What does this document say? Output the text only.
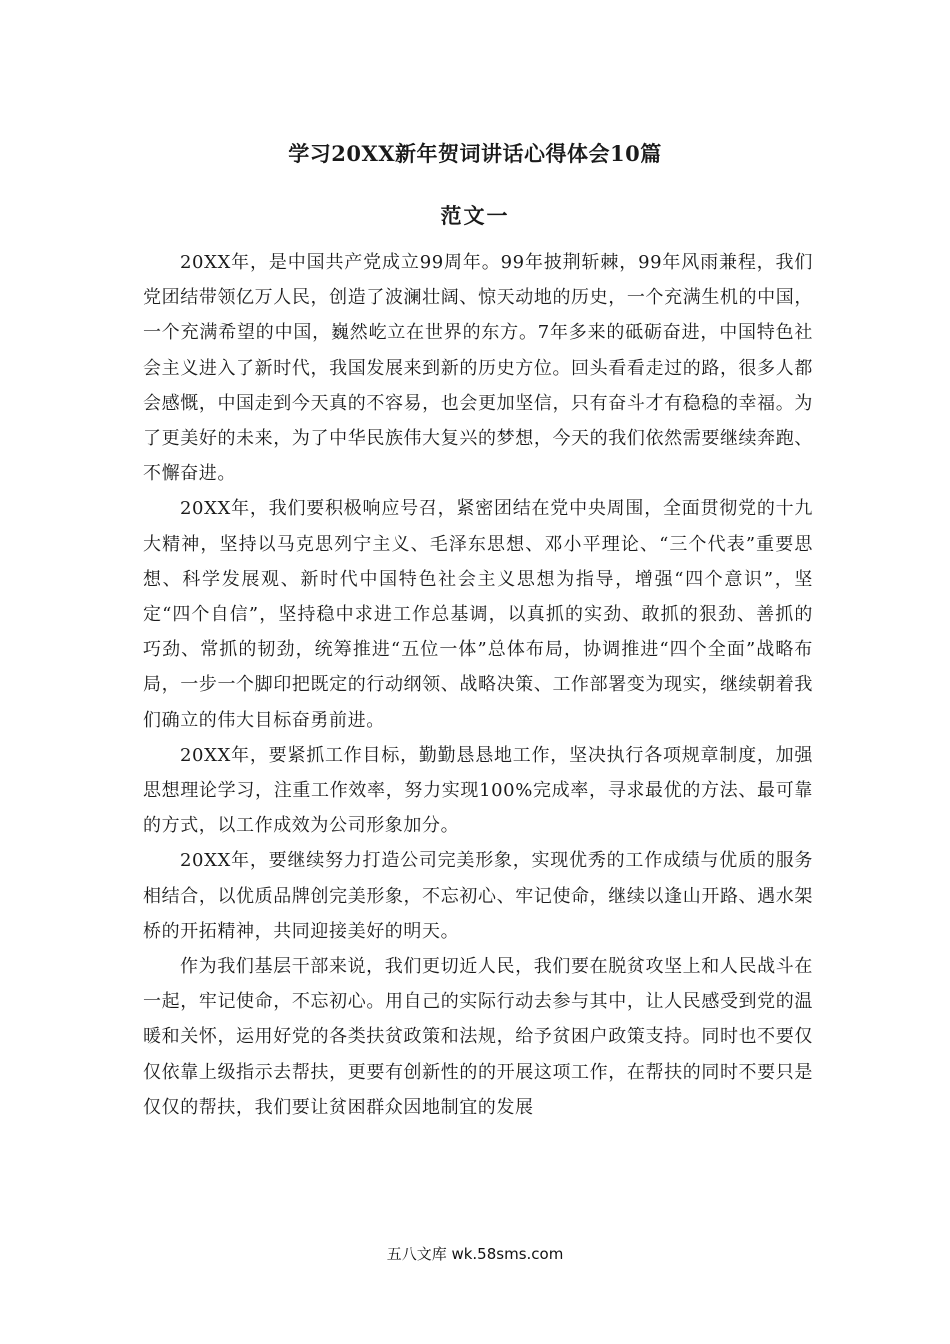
学习20XX新年贺词讲话心得体会10篇
范文一

20XX年，是中国共产党成立99周年。99年披荆斩棘，99年风雨兼程，我们党团结带领亿万人民，创造了波澜壮阔、惊天动地的历史，一个充满生机的中国，一个充满希望的中国，巍然屹立在世界的东方。7年多来的砥砺奋进，中国特色社会主义进入了新时代，我国发展来到新的历史方位。回头看看走过的路，很多人都会感慨，中国走到今天真的不容易，也会更加坚信，只有奋斗才有稳稳的幸福。为了更美好的未来，为了中华民族伟大复兴的梦想，今天的我们依然需要继续奔跑、不懈奋进。

20XX年，我们要积极响应号召，紧密团结在党中央周围，全面贯彻党的十九大精神，坚持以马克思列宁主义、毛泽东思想、邓小平理论、“三个代表”重要思想、科学发展观、新时代中国特色社会主义思想为指导，增强“四个意识”，坚定“四个自信”，坚持稳中求进工作总基调，以真抓的实劲、敢抓的狠劲、善抓的巧劲、常抓的韧劲，统筹推进“五位一体”总体布局，协调推进“四个全面”战略布局，一步一个脚印把既定的行动纲领、战略决策、工作部署变为现实，继续朝着我们确立的伟大目标奋勇前进。

20XX年，要紧抓工作目标，勤勤恳恳地工作，坚决执行各项规章制度，加强思想理论学习，注重工作效率，努力实现100%完成率，寻求最优的方法、最可靠的方式，以工作成效为公司形象加分。

20XX年，要继续努力打造公司完美形象，实现优秀的工作成绩与优质的服务相结合，以优质品牌创完美形象，不忘初心、牢记使命，继续以逢山开路、遇水架桥的开拓精神，共同迎接美好的明天。

作为我们基层干部来说，我们更切近人民，我们要在脱贫攻坚上和人民战斗在一起，牢记使命，不忘初心。用自己的实际行动去参与其中，让人民感受到党的温暖和关怀，运用好党的各类扶贫政策和法规，给予贫困户政策支持。同时也不要仅仅依靠上级指示去帮扶，更要有创新性的的开展这项工作，在帮扶的同时不要只是仅仅的帮扶，我们要让贫困群众因地制宜的发展

五八文库 wk.58sms.com
